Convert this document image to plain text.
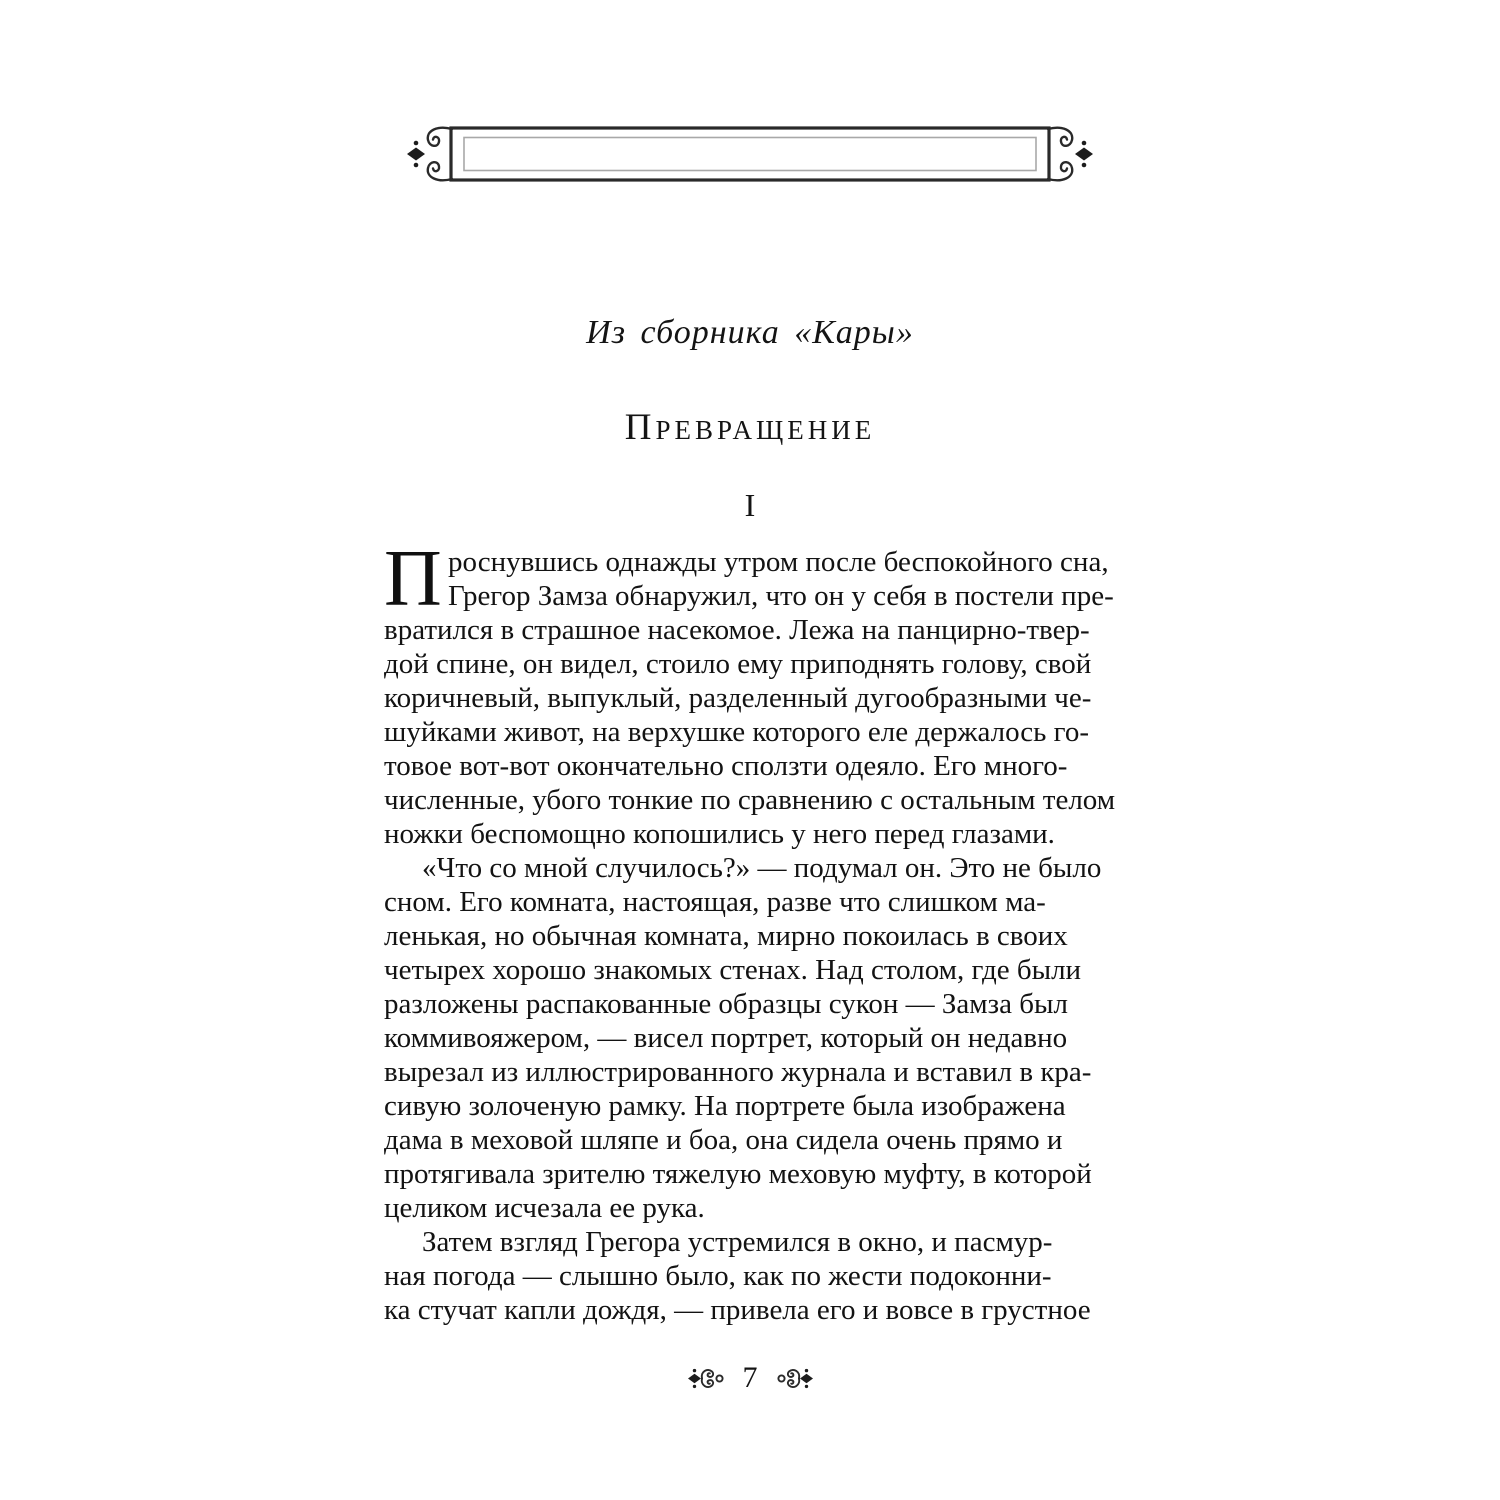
Из сборника «Кары»
ПРЕВРАЩЕНИЕ
I
П роснувшись однажды утром после беспокойного сна,
Грегор Замза обнаружил, что он у себя в постели пре-
вратился в страшное насекомое. Лежа на панцирно-твер-
дой спине, он видел, стоило ему приподнять голову, свой
коричневый, выпуклый, разделенный дугообразными че-
шуйками живот, на верхушке которого еле держалось го-
товое вот-вот окончательно сползти одеяло. Его много-
численные, убого тонкие по сравнению с остальным телом
ножки беспомощно копошились у него перед глазами.
«Что со мной случилось?» — подумал он. Это не было
сном. Его комната, настоящая, разве что слишком ма-
ленькая, но обычная комната, мирно покоилась в своих
четырех хорошо знакомых стенах. Над столом, где были
разложены распакованные образцы сукон — Замза был
коммивояжером, — висел портрет, который он недавно
вырезал из иллюстрированного журнала и вставил в кра-
сивую золоченую рамку. На портрете была изображена
дама в меховой шляпе и боа, она сидела очень прямо и
протягивала зрителю тяжелую меховую муфту, в которой
целиком исчезала ее рука.
Затем взгляд Грегора устремился в окно, и пасмур-
ная погода — слышно было, как по жести подоконни-
ка стучат капли дождя, — привела его и вовсе в грустное
7
